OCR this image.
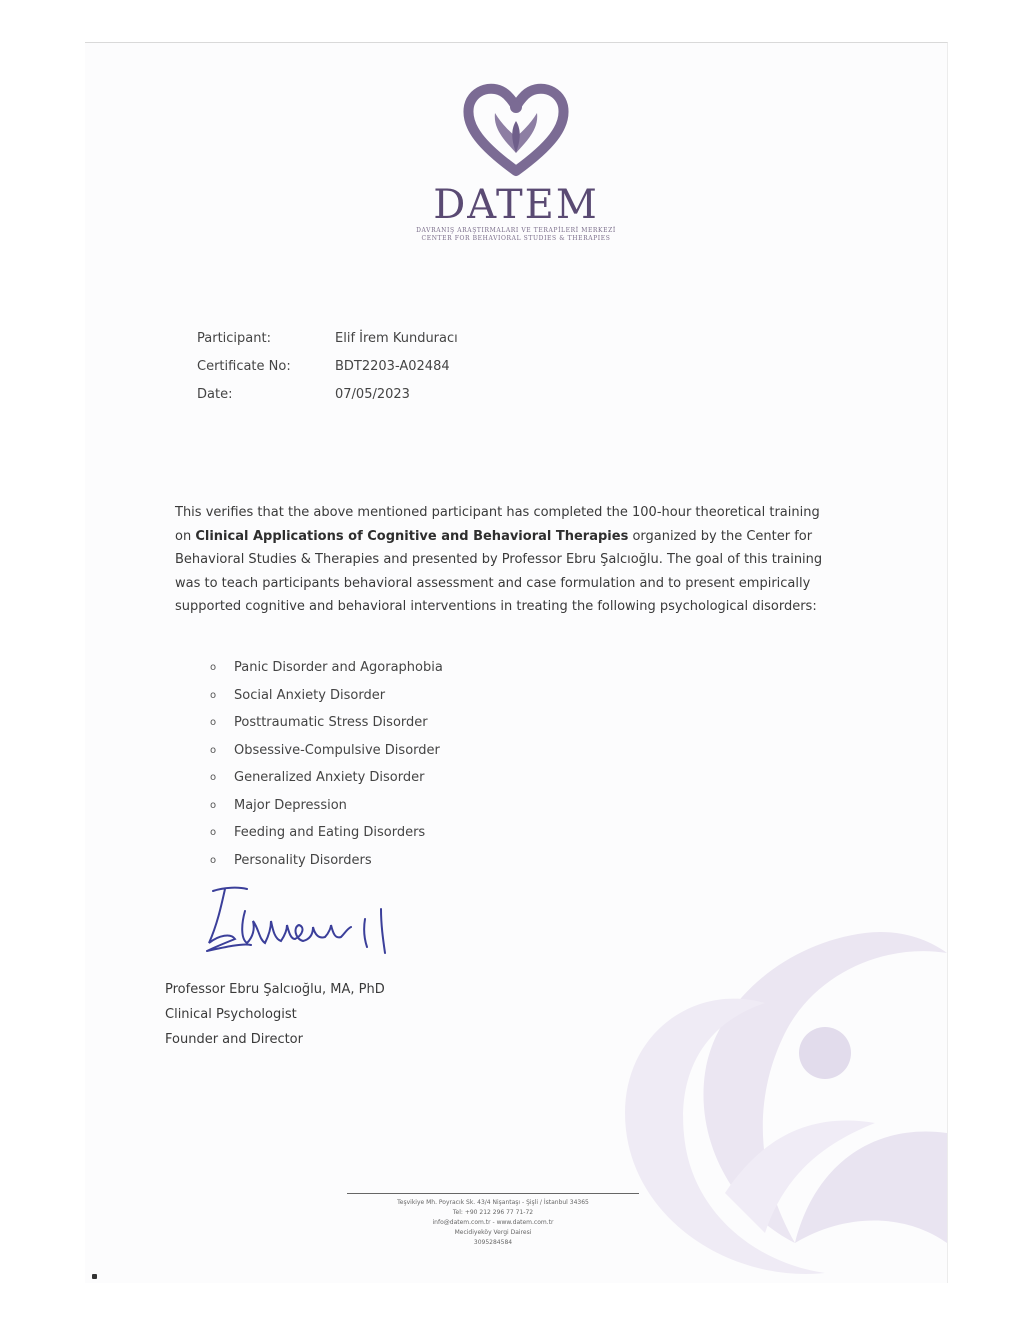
DATEM
DAVRANIŞ ARAŞTIRMALARI VE TERAPİLERİ MERKEZİ
CENTER FOR BEHAVIORAL STUDIES & THERAPIES
Participant:	Elif İrem Kunduracı
Certificate No:	BDT2203-A02484
Date:	07/05/2023
This verifies that the above mentioned participant has completed the 100-hour theoretical training on Clinical Applications of Cognitive and Behavioral Therapies organized by the Center for Behavioral Studies & Therapies and presented by Professor Ebru Şalcıoğlu. The goal of this training was to teach participants behavioral assessment and case formulation and to present empirically supported cognitive and behavioral interventions in treating the following psychological disorders:
o	Panic Disorder and Agoraphobia
o	Social Anxiety Disorder
o	Posttraumatic Stress Disorder
o	Obsessive-Compulsive Disorder
o	Generalized Anxiety Disorder
o	Major Depression
o	Feeding and Eating Disorders
o	Personality Disorders
Professor Ebru Şalcıoğlu, MA, PhD
Clinical Psychologist
Founder and Director
Teşvikiye Mh. Poyracık Sk. 43/4 Nişantaşı - Şişli / İstanbul 34365
Tel: +90 212 296 77 71-72
info@datem.com.tr - www.datem.com.tr
Mecidiyeköy Vergi Dairesi
3095284584
